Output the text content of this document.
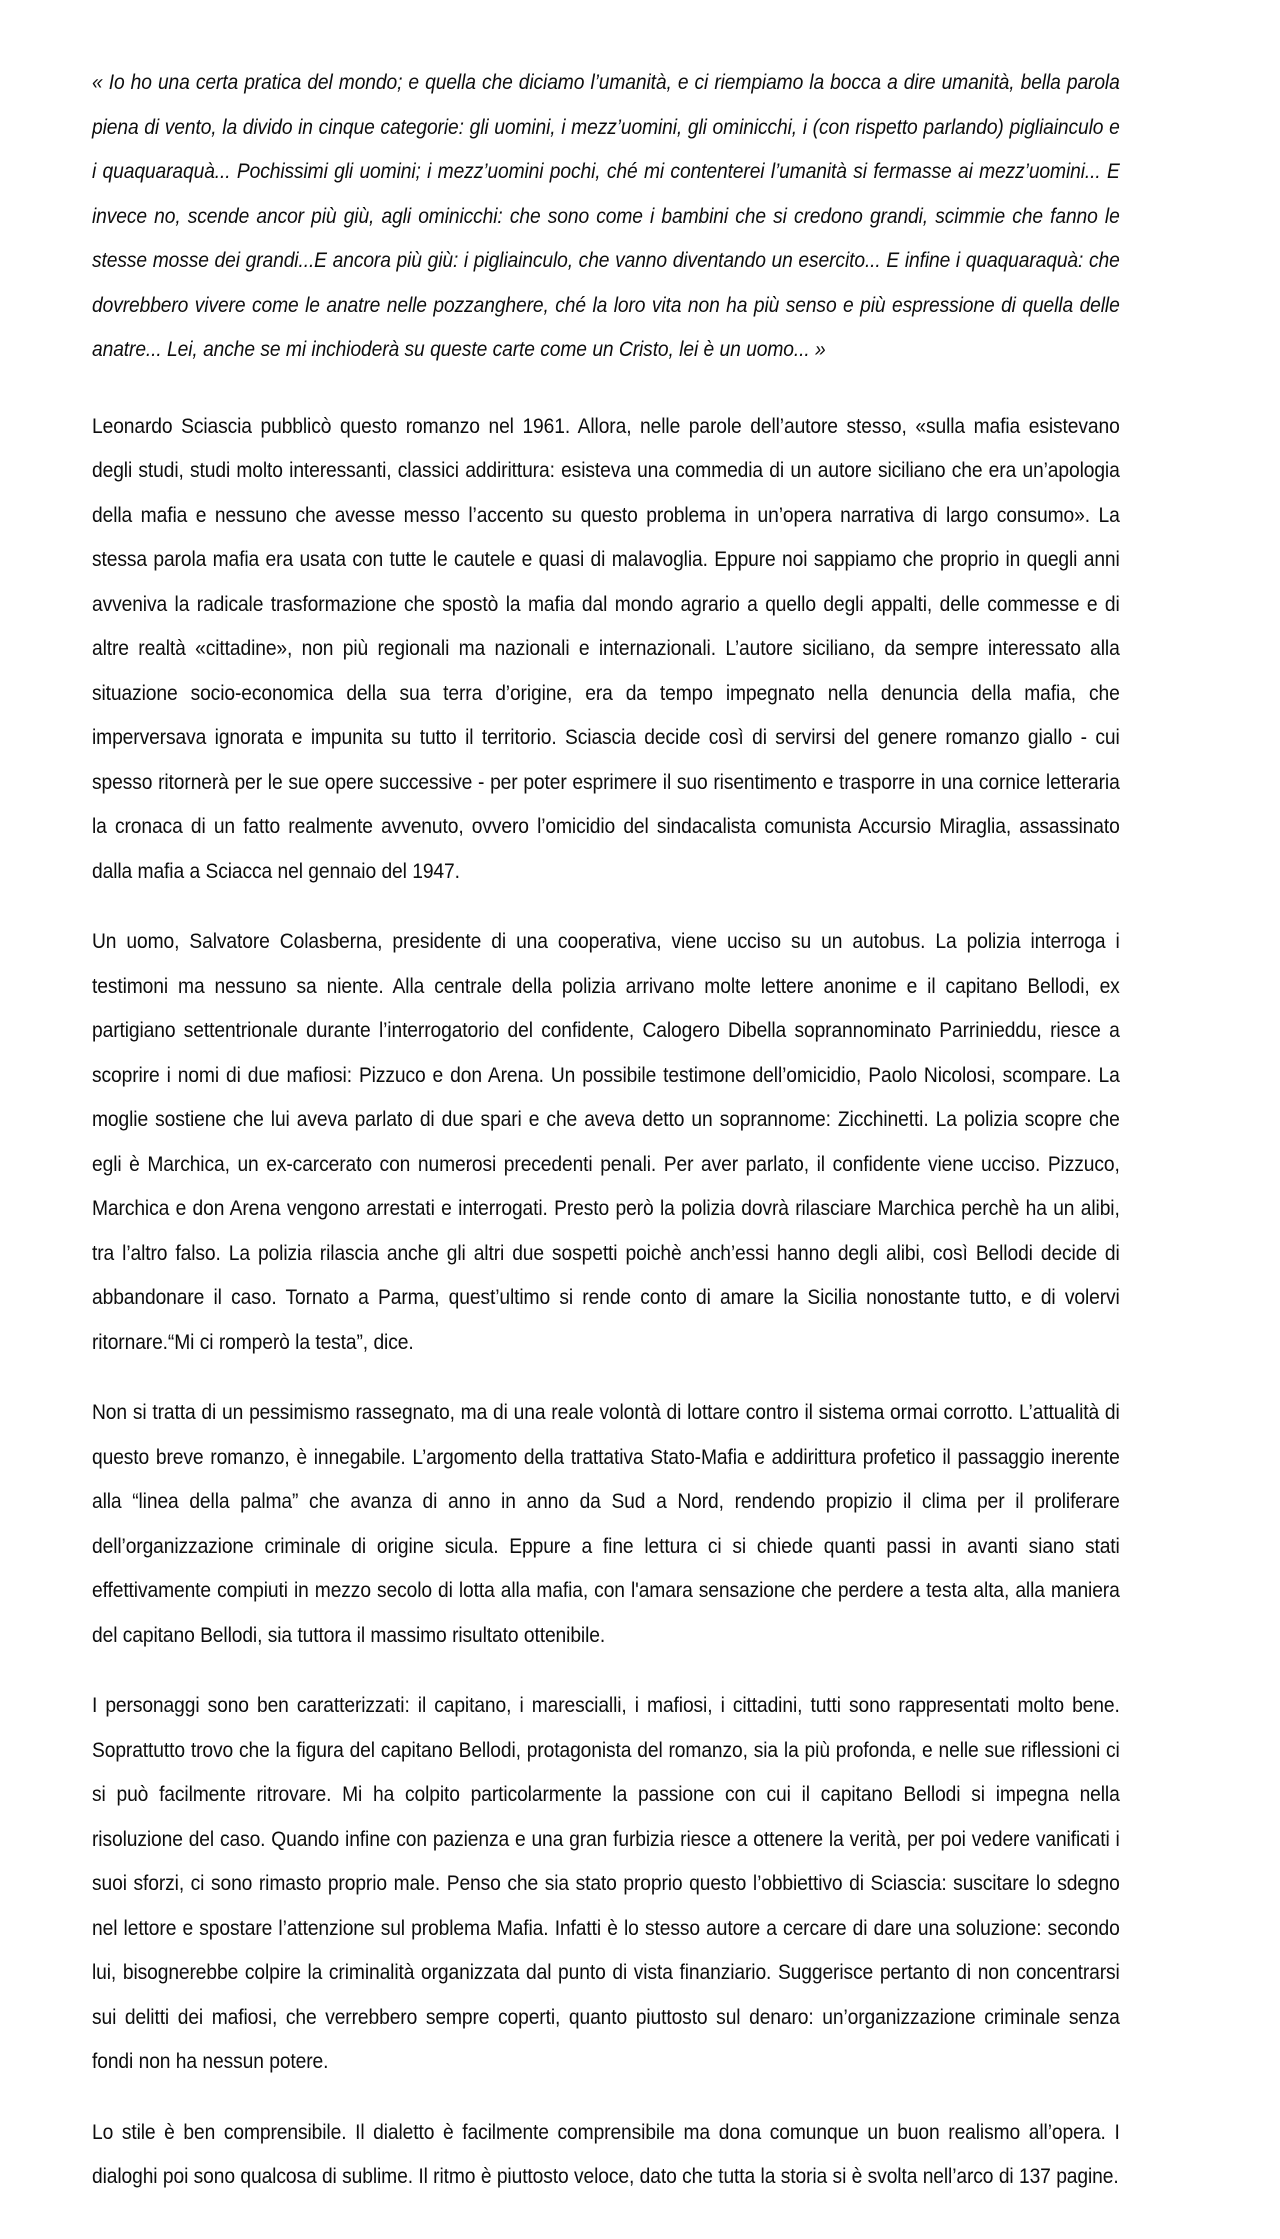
« Io ho una certa pratica del mondo; e quella che diciamo l’umanità, e ci riempiamo la bocca a dire umanità, bella parola piena di vento, la divido in cinque categorie: gli uomini, i mezz’uomini, gli ominicchi, i (con rispetto parlando) pigliainculo e i quaquaraquà... Pochissimi gli uomini; i mezz’uomini pochi, ché mi contenterei l’umanità si fermasse ai mezz’uomini... E invece no, scende ancor più giù, agli ominicchi: che sono come i bambini che si credono grandi, scimmie che fanno le stesse mosse dei grandi...E ancora più giù: i pigliainculo, che vanno diventando un esercito... E infine i quaquaraquà: che dovrebbero vivere come le anatre nelle pozzanghere, ché la loro vita non ha più senso e più espressione di quella delle anatre... Lei, anche se mi inchioderà su queste carte come un Cristo, lei è un uomo... »

Leonardo Sciascia pubblicò questo romanzo nel 1961. Allora, nelle parole dell’autore stesso, «sulla mafia esistevano degli studi, studi molto interessanti, classici addirittura: esisteva una commedia di un autore siciliano che era un’apologia della mafia e nessuno che avesse messo l’accento su questo problema in un’opera narrativa di largo consumo». La stessa parola mafia era usata con tutte le cautele e quasi di malavoglia. Eppure noi sappiamo che proprio in quegli anni avveniva la radicale trasformazione che spostò la mafia dal mondo agrario a quello degli appalti, delle commesse e di altre realtà «cittadine», non più regionali ma nazionali e internazionali. L’autore siciliano, da sempre interessato alla situazione socio-economica della sua terra d’origine, era da tempo impegnato nella denuncia della mafia, che imperversava ignorata e impunita su tutto il territorio. Sciascia decide così di servirsi del genere romanzo giallo - cui spesso ritornerà per le sue opere successive - per poter esprimere il suo risentimento e trasporre in una cornice letteraria la cronaca di un fatto realmente avvenuto, ovvero l’omicidio del sindacalista comunista Accursio Miraglia, assassinato dalla mafia a Sciacca nel gennaio del 1947.

Un uomo, Salvatore Colasberna, presidente di una cooperativa, viene ucciso su un autobus. La polizia interroga i testimoni ma nessuno sa niente. Alla centrale della polizia arrivano molte lettere anonime e il capitano Bellodi, ex partigiano settentrionale durante l’interrogatorio del confidente, Calogero Dibella soprannominato Parrinieddu, riesce a scoprire i nomi di due mafiosi: Pizzuco e don Arena. Un possibile testimone dell’omicidio, Paolo Nicolosi, scompare. La moglie sostiene che lui aveva parlato di due spari e che aveva detto un soprannome: Zicchinetti. La polizia scopre che egli è Marchica, un ex-carcerato con numerosi precedenti penali. Per aver parlato, il confidente viene ucciso. Pizzuco, Marchica e don Arena vengono arrestati e interrogati. Presto però la polizia dovrà rilasciare Marchica perchè ha un alibi, tra l’altro falso. La polizia rilascia anche gli altri due sospetti poichè anch’essi hanno degli alibi, così Bellodi decide di abbandonare il caso. Tornato a Parma, quest’ultimo si rende conto di amare la Sicilia nonostante tutto, e di volervi ritornare.“Mi ci romperò la testa”, dice.

Non si tratta di un pessimismo rassegnato, ma di una reale volontà di lottare contro il sistema ormai corrotto. L’attualità di questo breve romanzo, è innegabile. L’argomento della trattativa Stato-Mafia e addirittura profetico il passaggio inerente alla “linea della palma” che avanza di anno in anno da Sud a Nord, rendendo propizio il clima per il proliferare dell’organizzazione criminale di origine sicula. Eppure a fine lettura ci si chiede quanti passi in avanti siano stati effettivamente compiuti in mezzo secolo di lotta alla mafia, con l'amara sensazione che perdere a testa alta, alla maniera del capitano Bellodi, sia tuttora il massimo risultato ottenibile.

I personaggi sono ben caratterizzati: il capitano, i marescialli, i mafiosi, i cittadini, tutti sono rappresentati molto bene. Soprattutto trovo che la figura del capitano Bellodi, protagonista del romanzo, sia la più profonda, e nelle sue riflessioni ci si può facilmente ritrovare. Mi ha colpito particolarmente la passione con cui il capitano Bellodi si impegna nella risoluzione del caso. Quando infine con pazienza e una gran furbizia riesce a ottenere la verità, per poi vedere vanificati i suoi sforzi, ci sono rimasto proprio male. Penso che sia stato proprio questo l’obbiettivo di Sciascia: suscitare lo sdegno nel lettore e spostare l’attenzione sul problema Mafia. Infatti è lo stesso autore a cercare di dare una soluzione: secondo lui, bisognerebbe colpire la criminalità organizzata dal punto di vista finanziario. Suggerisce pertanto di non concentrarsi sui delitti dei mafiosi, che verrebbero sempre coperti, quanto piuttosto sul denaro: un’organizzazione criminale senza fondi non ha nessun potere.

Lo stile è ben comprensibile. Il dialetto è facilmente comprensibile ma dona comunque un buon realismo all’opera. I dialoghi poi sono qualcosa di sublime. Il ritmo è piuttosto veloce, dato che tutta la storia si è svolta nell’arco di 137 pagine.
